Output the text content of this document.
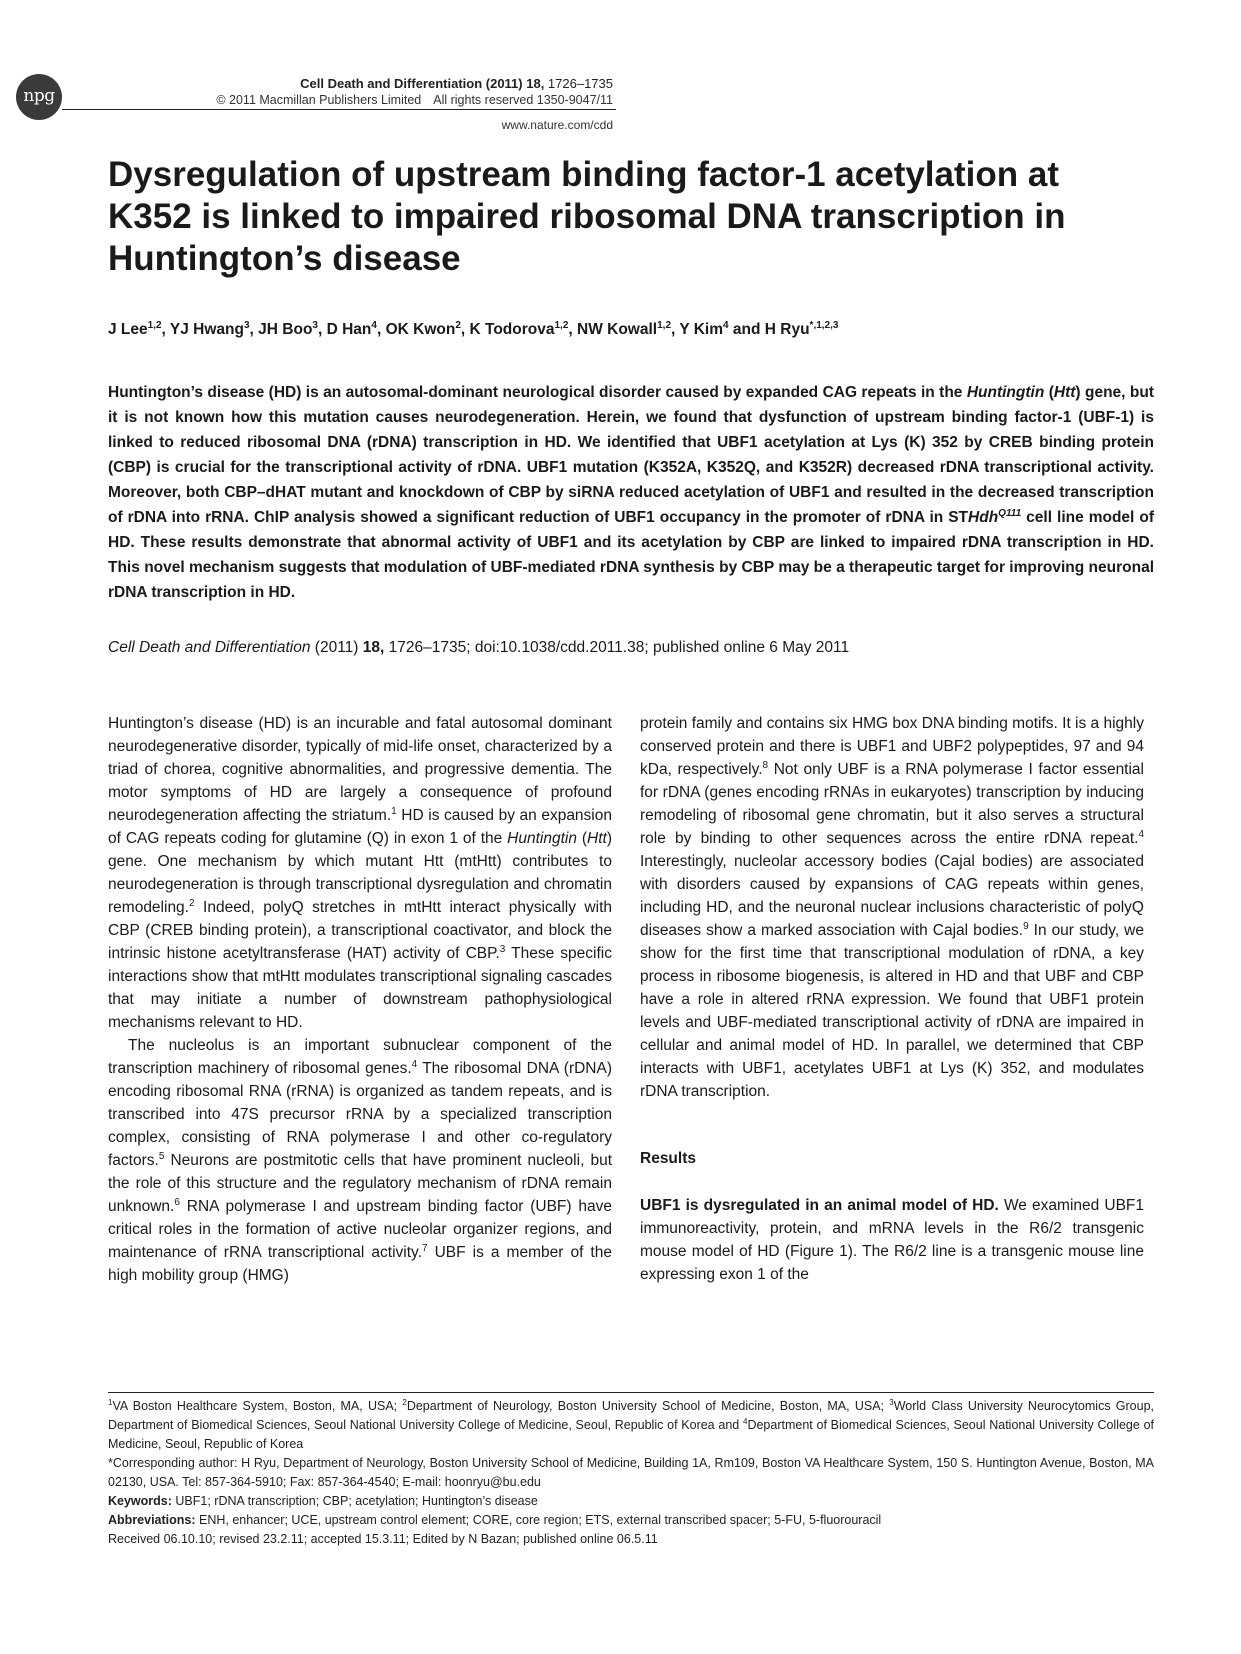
npg
Cell Death and Differentiation (2011) 18, 1726–1735
© 2011 Macmillan Publishers Limited All rights reserved 1350-9047/11
www.nature.com/cdd
Dysregulation of upstream binding factor-1 acetylation at K352 is linked to impaired ribosomal DNA transcription in Huntington’s disease
J Lee$^{1,2}$, YJ Hwang$^3$, JH Boo$^3$, D Han$^4$, OK Kwon$^2$, K Todorova$^{1,2}$, NW Kowall$^{1,2}$, Y Kim$^4$ and H Ryu$^{*,1,2,3}$

Huntington’s disease (HD) is an autosomal-dominant neurological disorder caused by expanded CAG repeats in the Huntingtin (Htt) gene, but it is not known how this mutation causes neurodegeneration. Herein, we found that dysfunction of upstream binding factor-1 (UBF-1) is linked to reduced ribosomal DNA (rDNA) transcription in HD. We identified that UBF1 acetylation at Lys (K) 352 by CREB binding protein (CBP) is crucial for the transcriptional activity of rDNA. UBF1 mutation (K352A, K352Q, and K352R) decreased rDNA transcriptional activity. Moreover, both CBP–dHAT mutant and knockdown of CBP by siRNA reduced acetylation of UBF1 and resulted in the decreased transcription of rDNA into rRNA. ChIP analysis showed a significant reduction of UBF1 occupancy in the promoter of rDNA in STHdh$^{Q111}$ cell line model of HD. These results demonstrate that abnormal activity of UBF1 and its acetylation by CBP are linked to impaired rDNA transcription in HD. This novel mechanism suggests that modulation of UBF-mediated rDNA synthesis by CBP may be a therapeutic target for improving neuronal rDNA transcription in HD.

Cell Death and Differentiation (2011) 18, 1726–1735; doi:10.1038/cdd.2011.38; published online 6 May 2011

Huntington’s disease (HD) is an incurable and fatal autosomal dominant neurodegenerative disorder, typically of mid-life onset, characterized by a triad of chorea, cognitive abnormalities, and progressive dementia. The motor symptoms of HD are largely a consequence of profound neurodegeneration affecting the striatum.$^1$ HD is caused by an expansion of CAG repeats coding for glutamine (Q) in exon 1 of the Huntingtin (Htt) gene. One mechanism by which mutant Htt (mtHtt) contributes to neurodegeneration is through transcriptional dysregulation and chromatin remodeling.$^2$ Indeed, polyQ stretches in mtHtt interact physically with CBP (CREB binding protein), a transcriptional coactivator, and block the intrinsic histone acetyltransferase (HAT) activity of CBP.$^3$ These specific interactions show that mtHtt modulates transcriptional signaling cascades that may initiate a number of downstream pathophysiological mechanisms relevant to HD.

The nucleolus is an important subnuclear component of the transcription machinery of ribosomal genes.$^4$ The ribosomal DNA (rDNA) encoding ribosomal RNA (rRNA) is organized as tandem repeats, and is transcribed into 47S precursor rRNA by a specialized transcription complex, consisting of RNA polymerase I and other co-regulatory factors.$^5$ Neurons are postmitotic cells that have prominent nucleoli, but the role of this structure and the regulatory mechanism of rDNA remain unknown.$^6$ RNA polymerase I and upstream binding factor (UBF) have critical roles in the formation of active nucleolar organizer regions, and maintenance of rRNA transcriptional activity.$^7$ UBF is a member of the high mobility group (HMG)

protein family and contains six HMG box DNA binding motifs. It is a highly conserved protein and there is UBF1 and UBF2 polypeptides, 97 and 94 kDa, respectively.$^8$ Not only UBF is a RNA polymerase I factor essential for rDNA (genes encoding rRNAs in eukaryotes) transcription by inducing remodeling of ribosomal gene chromatin, but it also serves a structural role by binding to other sequences across the entire rDNA repeat.$^4$ Interestingly, nucleolar accessory bodies (Cajal bodies) are associated with disorders caused by expansions of CAG repeats within genes, including HD, and the neuronal nuclear inclusions characteristic of polyQ diseases show a marked association with Cajal bodies.$^9$ In our study, we show for the first time that transcriptional modulation of rDNA, a key process in ribosome biogenesis, is altered in HD and that UBF and CBP have a role in altered rRNA expression. We found that UBF1 protein levels and UBF-mediated transcriptional activity of rDNA are impaired in cellular and animal model of HD. In parallel, we determined that CBP interacts with UBF1, acetylates UBF1 at Lys (K) 352, and modulates rDNA transcription.

Results

UBF1 is dysregulated in an animal model of HD. We examined UBF1 immunoreactivity, protein, and mRNA levels in the R6/2 transgenic mouse model of HD (Figure 1). The R6/2 line is a transgenic mouse line expressing exon 1 of the

$^1$VA Boston Healthcare System, Boston, MA, USA; $^2$Department of Neurology, Boston University School of Medicine, Boston, MA, USA; $^3$World Class University Neurocytomics Group, Department of Biomedical Sciences, Seoul National University College of Medicine, Seoul, Republic of Korea and $^4$Department of Biomedical Sciences, Seoul National University College of Medicine, Seoul, Republic of Korea

*Corresponding author: H Ryu, Department of Neurology, Boston University School of Medicine, Building 1A, Rm109, Boston VA Healthcare System, 150 S. Huntington Avenue, Boston, MA 02130, USA. Tel: 857-364-5910; Fax: 857-364-4540; E-mail: hoonryu@bu.edu

Keywords: UBF1; rDNA transcription; CBP; acetylation; Huntington’s disease

Abbreviations: ENH, enhancer; UCE, upstream control element; CORE, core region; ETS, external transcribed spacer; 5-FU, 5-fluorouracil

Received 06.10.10; revised 23.2.11; accepted 15.3.11; Edited by N Bazan; published online 06.5.11
